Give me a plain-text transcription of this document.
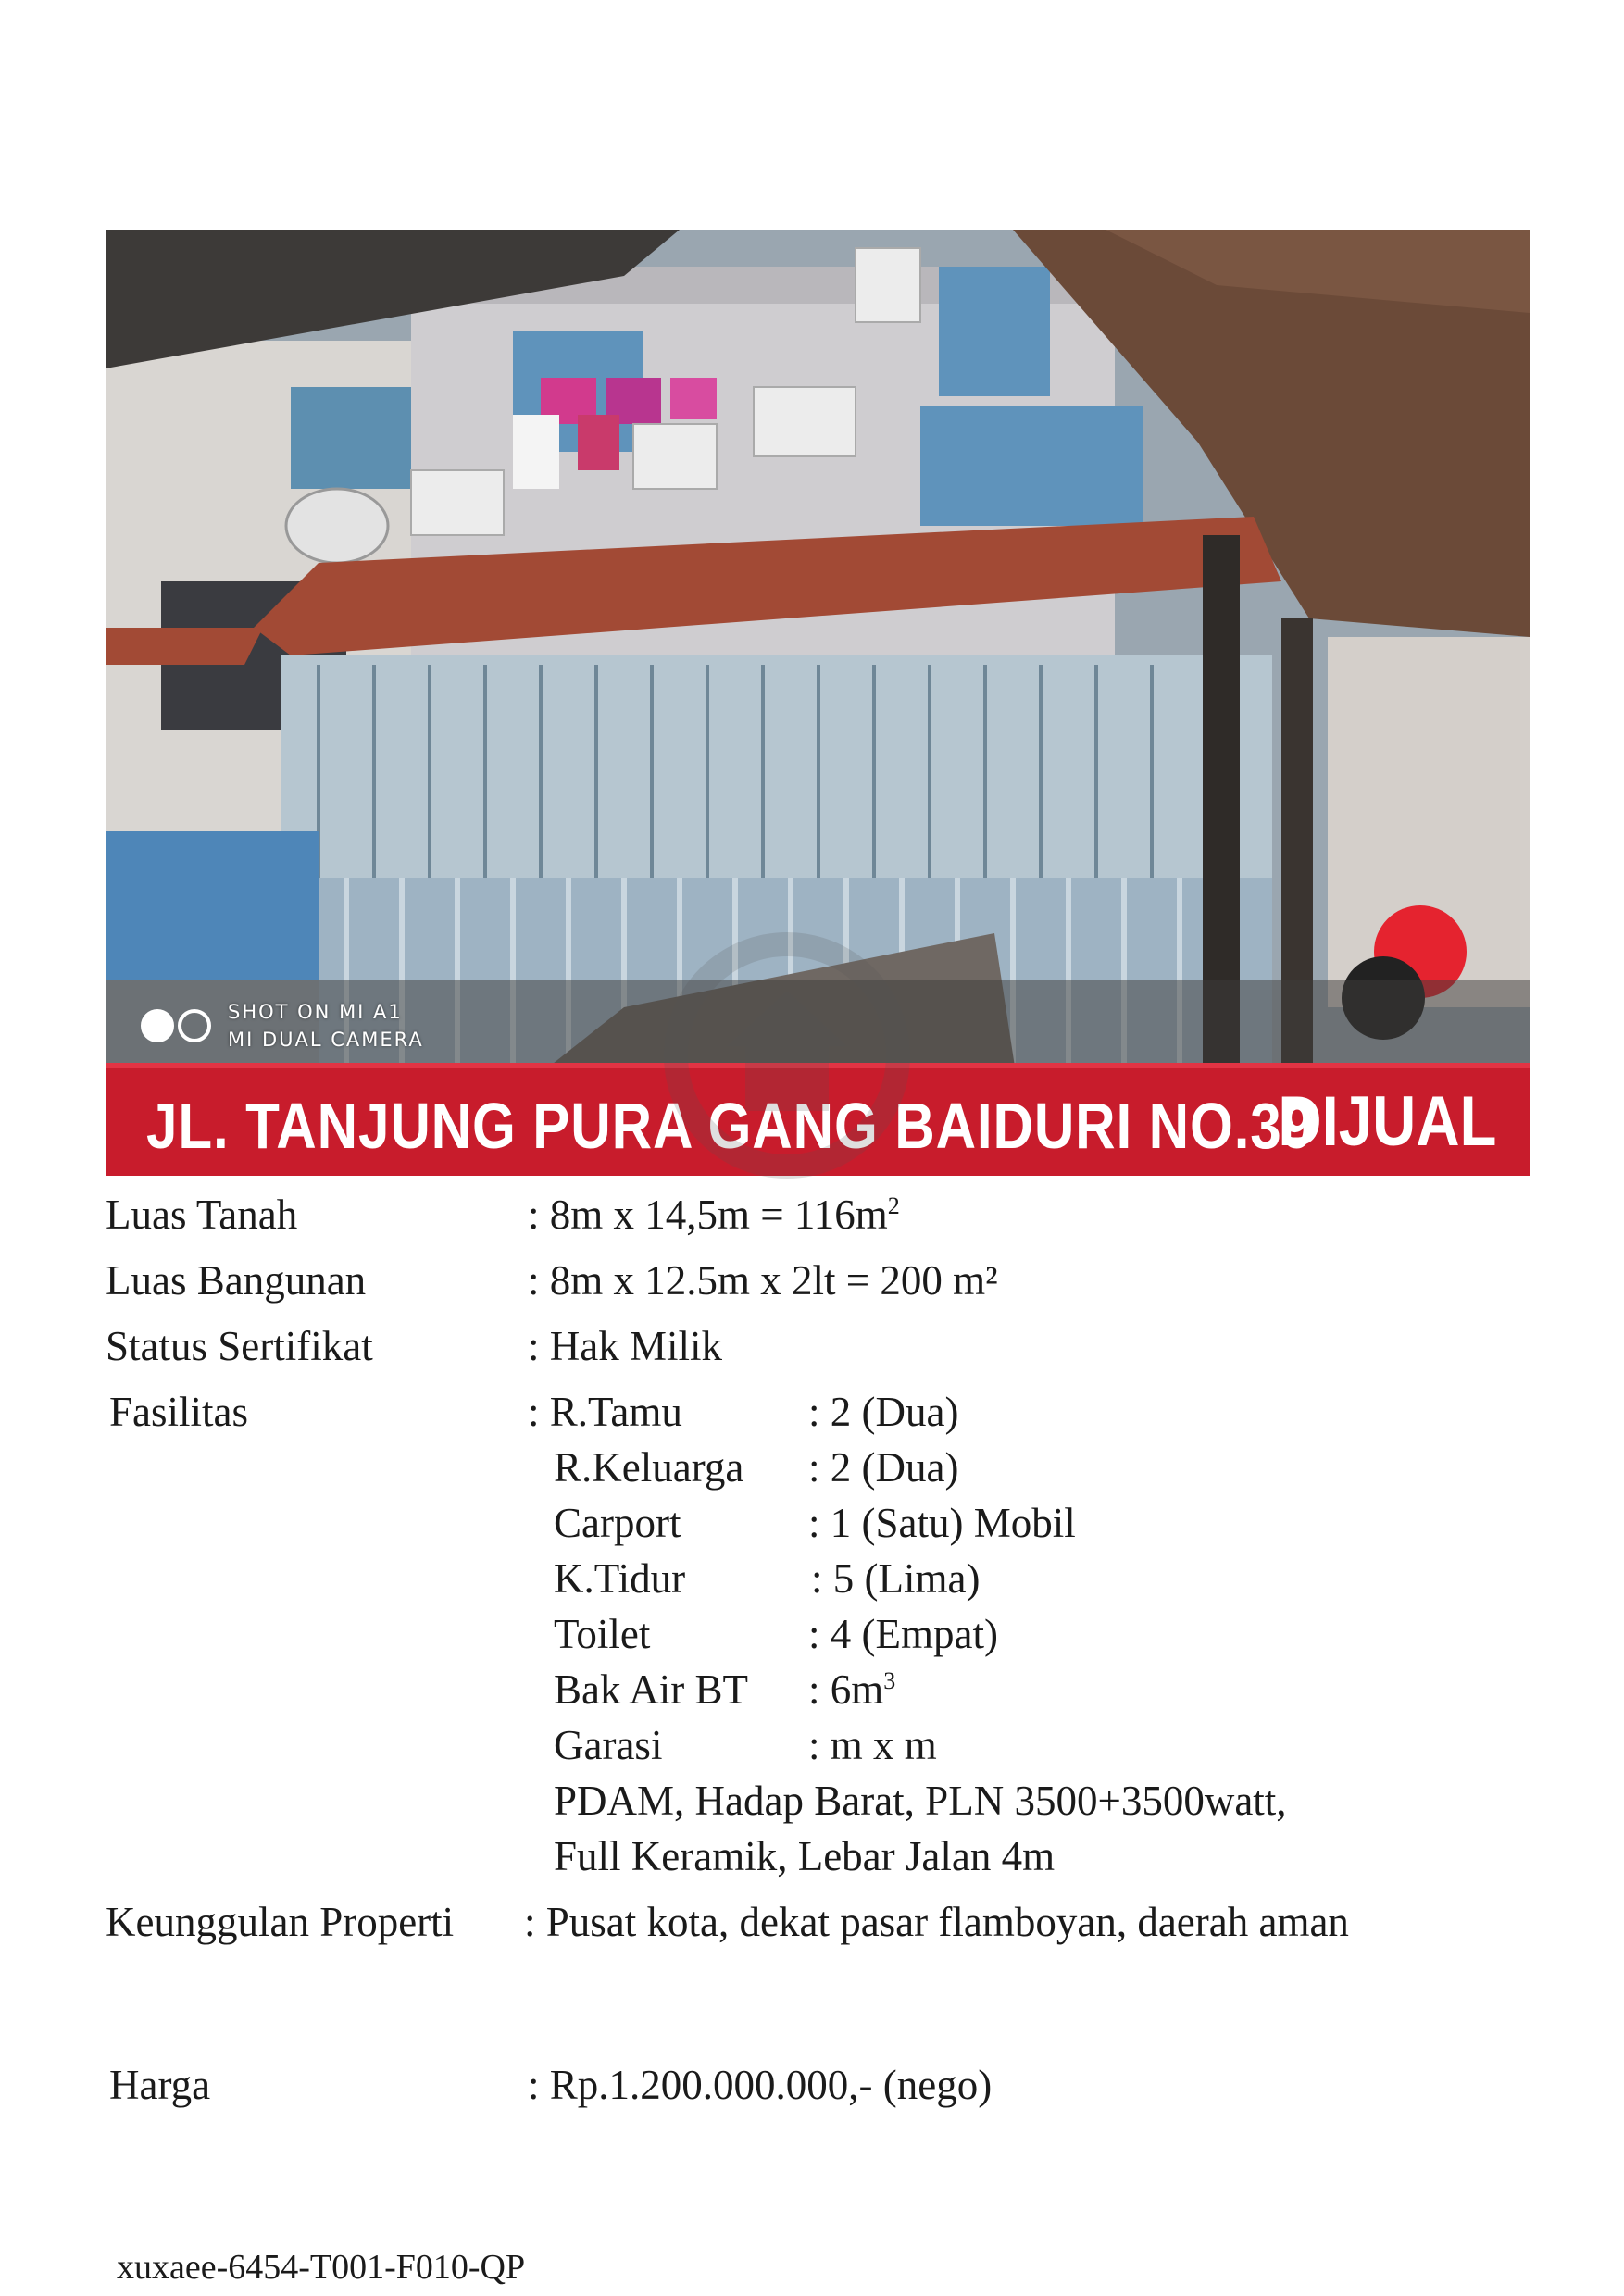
SHOT ON MI A1
MI DUAL CAMERA
JL. TANJUNG PURA GANG BAIDURI NO.39
DIJUAL
Luas Tanah	: 8m x $14,5m = 116m^2$
Luas Bangunan	: 8m x 12.5m x 2lt = 200 m²
Status Sertifikat	: Hak Milik
Fasilitas	: R.Tamu	: 2 (Dua)
R.Keluarga : 2 (Dua)
Carport	: 1 (Satu) Mobil
K.Tidur	: 5 (Lima)
Toilet	: 4 (Empat)
Bak Air BT : $6m^3$
Garasi	: m x m
PDAM, Hadap Barat, PLN 3500+3500watt,
Full Keramik, Lebar Jalan 4m
Keunggulan Properti : Pusat kota, dekat pasar flamboyan, daerah aman
Harga	: Rp.1.200.000.000,- (nego)
xuxaee-6454-T001-F010-QP
